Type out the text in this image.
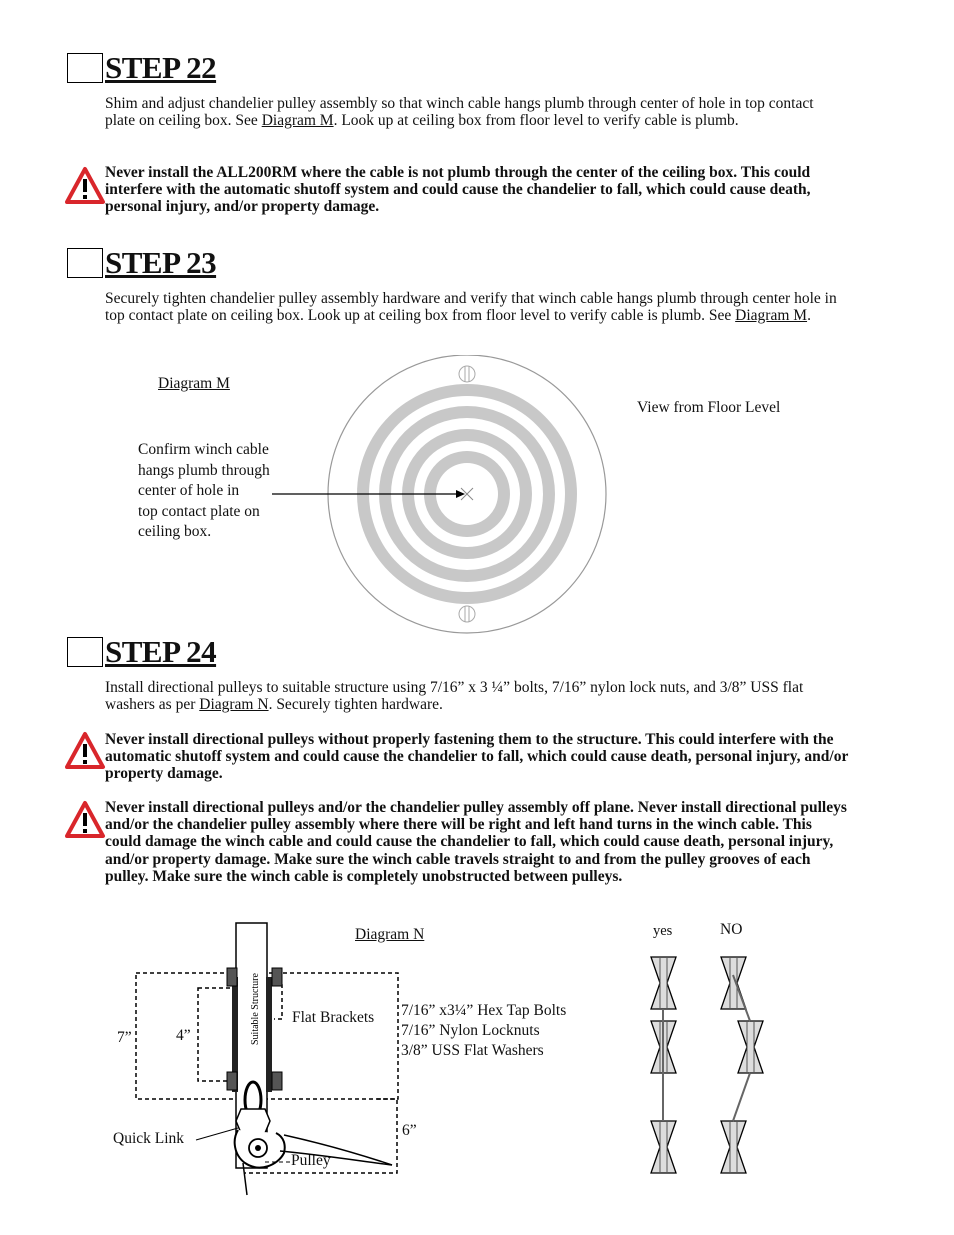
STEP 22
Shim and adjust chandelier pulley assembly so that winch cable hangs plumb through center of hole in top contact plate on ceiling box. See Diagram M. Look up at ceiling box from floor level to verify cable is plumb.
Never install the ALL200RM where the cable is not plumb through the center of the ceiling box. This could interfere with the automatic shutoff system and could cause the chandelier to fall, which could cause death, personal injury, and/or property damage.
STEP 23
Securely tighten chandelier pulley assembly hardware and verify that winch cable hangs plumb through center hole in top contact plate on ceiling box. Look up at ceiling box from floor level to verify cable is plumb. See Diagram M.
Diagram M
View from Floor Level
Confirm winch cable
hangs plumb through
center of hole in
top contact plate on
ceiling box.
STEP 24
Install directional pulleys to suitable structure using 7/16” x 3 ¼” bolts, 7/16” nylon lock nuts, and 3/8” USS flat washers as per Diagram N. Securely tighten hardware.
Never install directional pulleys without properly fastening them to the structure. This could interfere with the automatic shutoff system and could cause the chandelier to fall, which could cause death, personal injury, and/or property damage.
Never install directional pulleys and/or the chandelier pulley assembly off plane. Never install directional pulleys and/or the chandelier pulley assembly where there will be right and left hand turns in the winch cable. This could damage the winch cable and could cause the chandelier to fall, which could cause death, personal injury, and/or property damage. Make sure the winch cable travels straight to and from the pulley grooves of each pulley. Make sure the winch cable is completely unobstructed between pulleys.
Diagram N
Flat Brackets 7/16” x3¼” Hex Tap Bolts
7/16” Nylon Locknuts
3/8” USS Flat Washers
7”	4”
6”
Quick Link
Pulley
yes	NO
Suitable Structure
